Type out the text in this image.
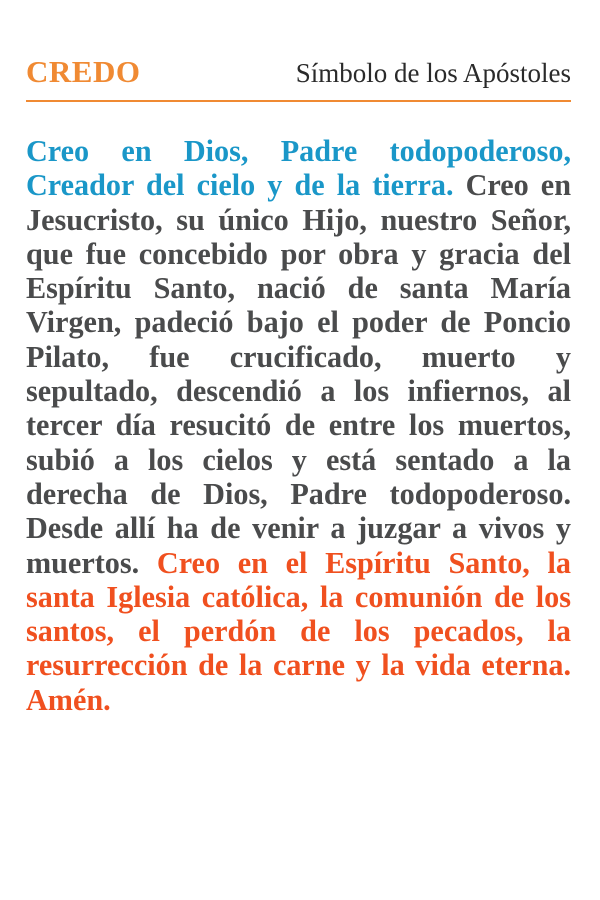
CREDO	Símbolo de los Apóstoles
Creo en Dios, Padre todopoderoso, Creador del cielo y de la tierra. Creo en Jesucristo, su único Hijo, nuestro Señor, que fue concebido por obra y gracia del Espíritu Santo, nació de santa María Virgen, padeció bajo el poder de Poncio Pilato, fue crucificado, muerto y sepultado, descendió a los infiernos, al tercer día resucitó de entre los muertos, subió a los cielos y está sentado a la derecha de Dios, Padre todopoderoso. Desde allí ha de venir a juzgar a vivos y muertos. Creo en el Espíritu Santo, la santa Iglesia católica, la comunión de los santos, el perdón de los pecados, la resurrección de la carne y la vida eterna. Amén.
